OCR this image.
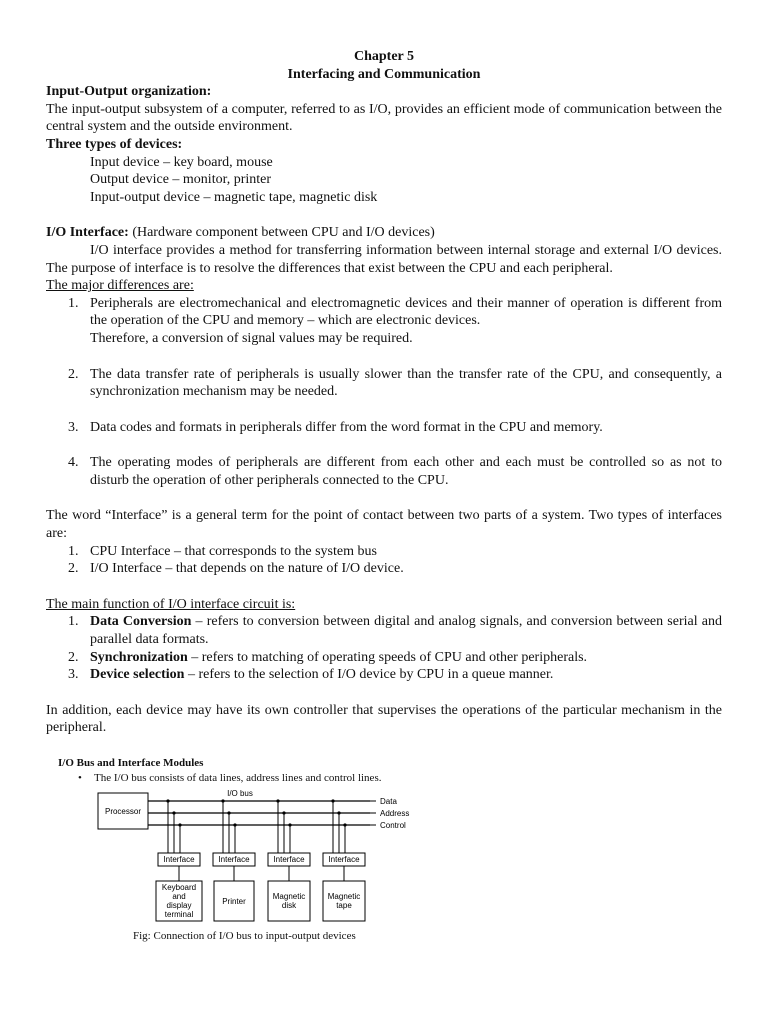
Chapter 5
Interfacing and Communication
Input-Output organization:
The input-output subsystem of a computer, referred to as I/O, provides an efficient mode of communication between the central system and the outside environment.
Three types of devices:
Input device – key board, mouse
Output device – monitor, printer
Input-output device – magnetic tape, magnetic disk
I/O Interface: (Hardware component between CPU and I/O devices)
I/O interface provides a method for transferring information between internal storage and external I/O devices. The purpose of interface is to resolve the differences that exist between the CPU and each peripheral.
The major differences are:
1. Peripherals are electromechanical and electromagnetic devices and their manner of operation is different from the operation of the CPU and memory – which are electronic devices.
Therefore, a conversion of signal values may be required.
2. The data transfer rate of peripherals is usually slower than the transfer rate of the CPU, and consequently, a synchronization mechanism may be needed.
3. Data codes and formats in peripherals differ from the word format in the CPU and memory.
4. The operating modes of peripherals are different from each other and each must be controlled so as not to disturb the operation of other peripherals connected to the CPU.
The word “Interface” is a general term for the point of contact between two parts of a system. Two types of interfaces are:
1. CPU Interface – that corresponds to the system bus
2. I/O Interface – that depends on the nature of I/O device.
The main function of I/O interface circuit is:
1. Data Conversion – refers to conversion between digital and analog signals, and conversion between serial and parallel data formats.
2. Synchronization – refers to matching of operating speeds of CPU and other peripherals.
3. Device selection – refers to the selection of I/O device by CPU in a queue manner.
In addition, each device may have its own controller that supervises the operations of the particular mechanism in the peripheral.
I/O Bus and Interface Modules
• The I/O bus consists of data lines, address lines and control lines.
Processor
I/O bus
Data
Address
Control
Interface
Keyboard
and
display
terminal
Interface
Printer
Interface
Magnetic
disk
Interface
Magnetic
tape
Fig: Connection of I/O bus to input-output devices
